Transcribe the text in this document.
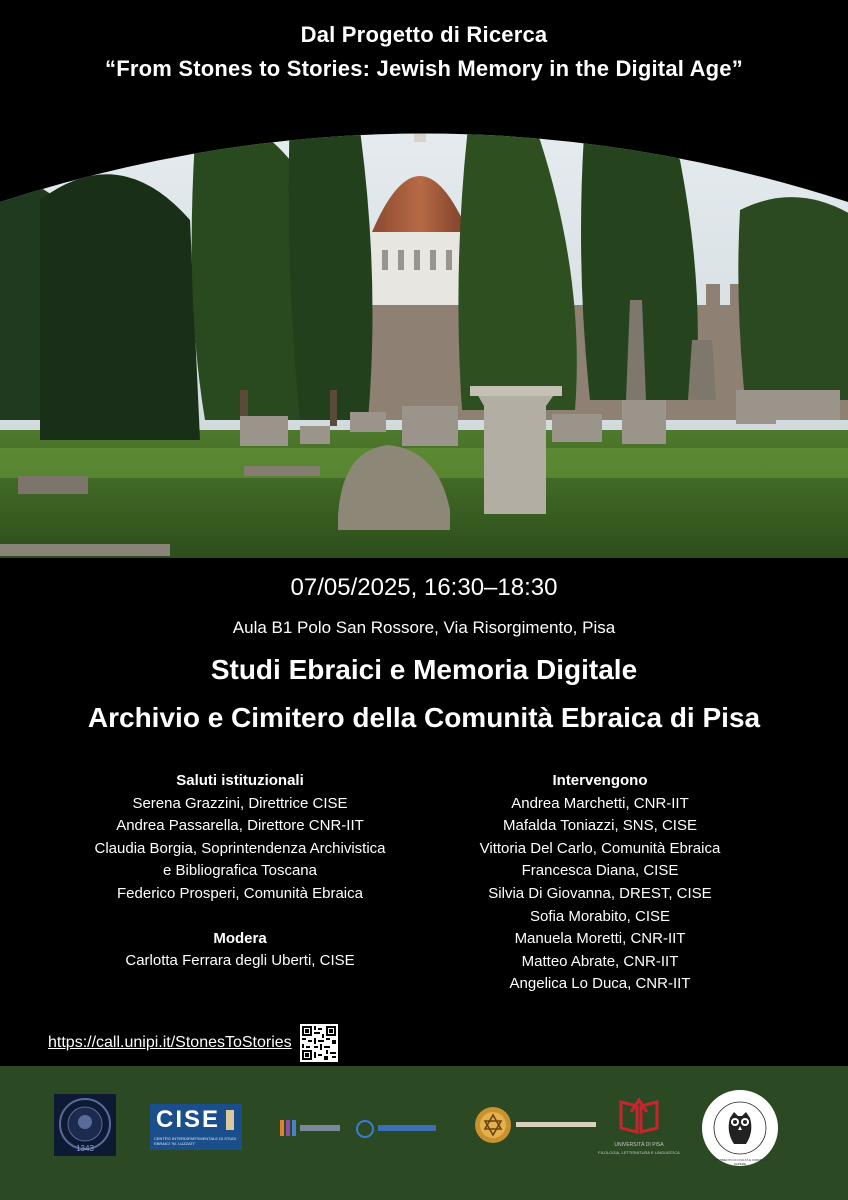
Dal Progetto di Ricerca
“From Stones to Stories: Jewish Memory in the Digital Age”
07/05/2025, 16:30–18:30
Aula B1 Polo San Rossore, Via Risorgimento, Pisa
Studi Ebraici e Memoria Digitale
Archivio e Cimitero della Comunità Ebraica di Pisa
Saluti istituzionali
Serena Grazzini, Direttrice CISE
Andrea Passarella, Direttore CNR-IIT
Claudia Borgia, Soprintendenza Archivistica
e Bibliografica Toscana
Federico Prosperi, Comunità Ebraica
Modera
Carlotta Ferrara degli Uberti, CISE
Intervengono
Andrea Marchetti, CNR-IIT
Mafalda Toniazzi, SNS, CISE
Vittoria Del Carlo, Comunità Ebraica
Francesca Diana, CISE
Silvia Di Giovanna, DREST, CISE
Sofia Morabito, CISE
Manuela Moretti, CNR-IIT
Matteo Abrate, CNR-IIT
Angelica Lo Duca, CNR-IIT
https://call.unipi.it/StonesToStories
1343
CISE
CENTRO INTERDIPARTIMENTALE DI STUDI EBRAICI "M. LUZZATI"	UNIVERSITÀ DI PISA
FILOLOGIA, LETTERATURA E LINGUISTICA
DIPARTIMENTO DI CIVILTÀ E FORME DEL SAPERE
